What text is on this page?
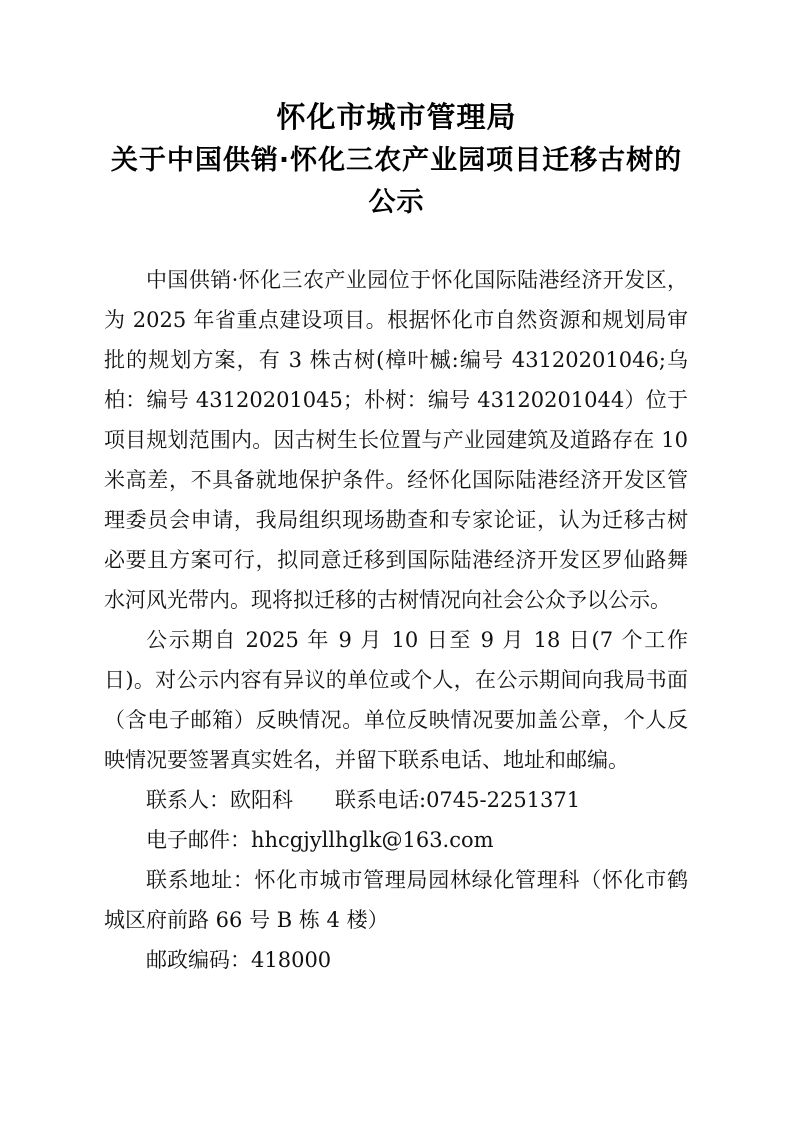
怀化市城市管理局
关于中国供销·怀化三农产业园项目迁移古树的
公示

中国供销·怀化三农产业园位于怀化国际陆港经济开发区，为 2025 年省重点建设项目。根据怀化市自然资源和规划局审批的规划方案，有 3 株古树(樟叶槭:编号 43120201046;乌柏：编号 43120201045；朴树：编号 43120201044）位于项目规划范围内。因古树生长位置与产业园建筑及道路存在 10 米高差，不具备就地保护条件。经怀化国际陆港经济开发区管理委员会申请，我局组织现场勘查和专家论证，认为迁移古树必要且方案可行，拟同意迁移到国际陆港经济开发区罗仙路舞水河风光带内。现将拟迁移的古树情况向社会公众予以公示。

公示期自 2025 年 9 月 10 日至 9 月 18 日(7 个工作日)。对公示内容有异议的单位或个人，在公示期间向我局书面（含电子邮箱）反映情况。单位反映情况要加盖公章，个人反映情况要签署真实姓名，并留下联系电话、地址和邮编。

联系人：欧阳科　　联系电话:0745-2251371

电子邮件：hhcgjyllhglk@163.com

联系地址：怀化市城市管理局园林绿化管理科（怀化市鹤城区府前路 66 号 B 栋 4 楼）

邮政编码：418000
